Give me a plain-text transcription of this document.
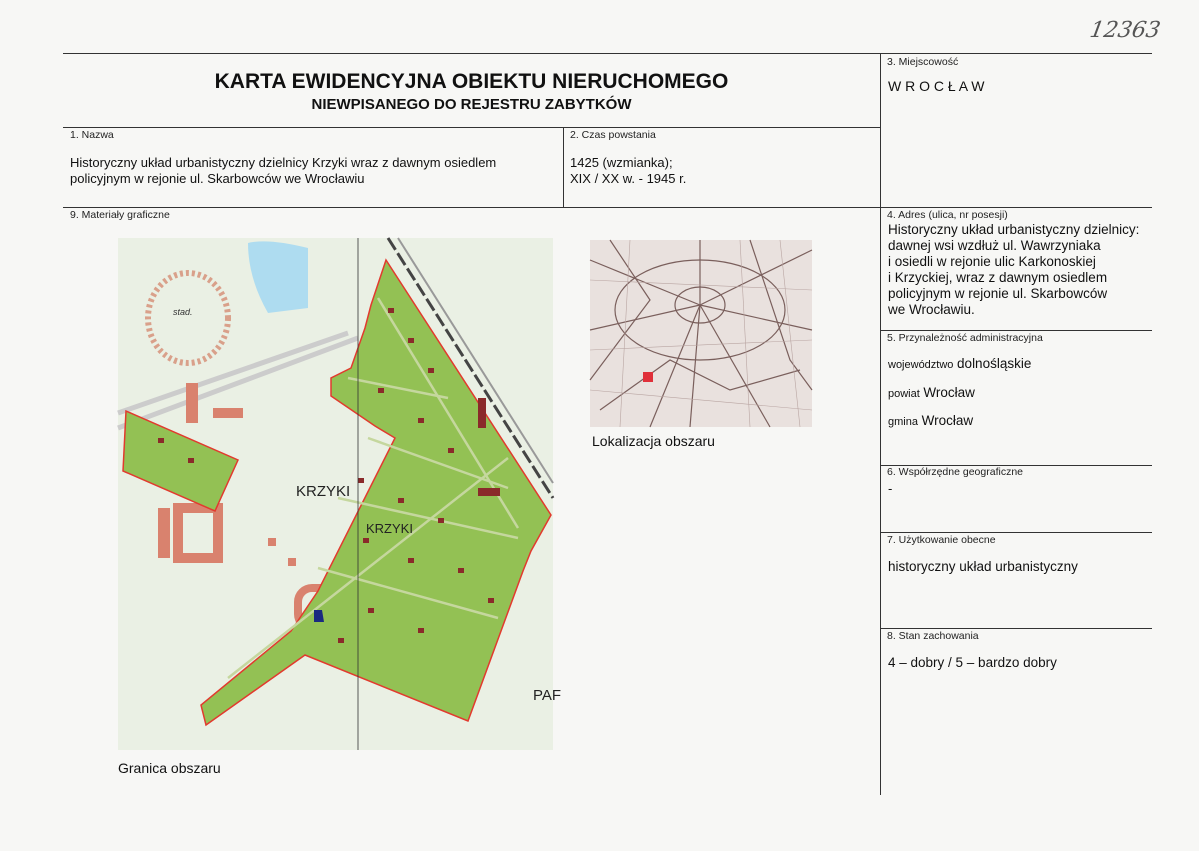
12363
KARTA EWIDENCYJNA OBIEKTU NIERUCHOMEGO
NIEWPISANEGO DO REJESTRU ZABYTKÓW
3. Miejscowość
W R O C Ł A W
1. Nazwa
Historyczny układ urbanistyczny dzielnicy Krzyki wraz z dawnym osiedlem
policyjnym w rejonie ul. Skarbowców we Wrocławiu
2. Czas powstania
1425 (wzmianka);
XIX / XX w. - 1945 r.
9. Materiały graficzne	4. Adres (ulica, nr posesji)
Historyczny układ urbanistyczny dzielnicy:
dawnej wsi wzdłuż ul. Wawrzyniaka
i osiedli w rejonie ulic Karkonoskiej
i Krzyckiej, wraz z dawnym osiedlem
policyjnym w rejonie ul. Skarbowców
we Wrocławiu.
5. Przynależność administracyjna
województwo dolnośląskie
powiat Wrocław
gmina Wrocław
6. Współrzędne geograficzne
-
7. Użytkowanie obecne
historyczny układ urbanistyczny
8. Stan zachowania
4 – dobry / 5 – bardzo dobry
KRZYKI
KRZYKI
stad.
PAF
Granica obszaru
Lokalizacja obszaru
